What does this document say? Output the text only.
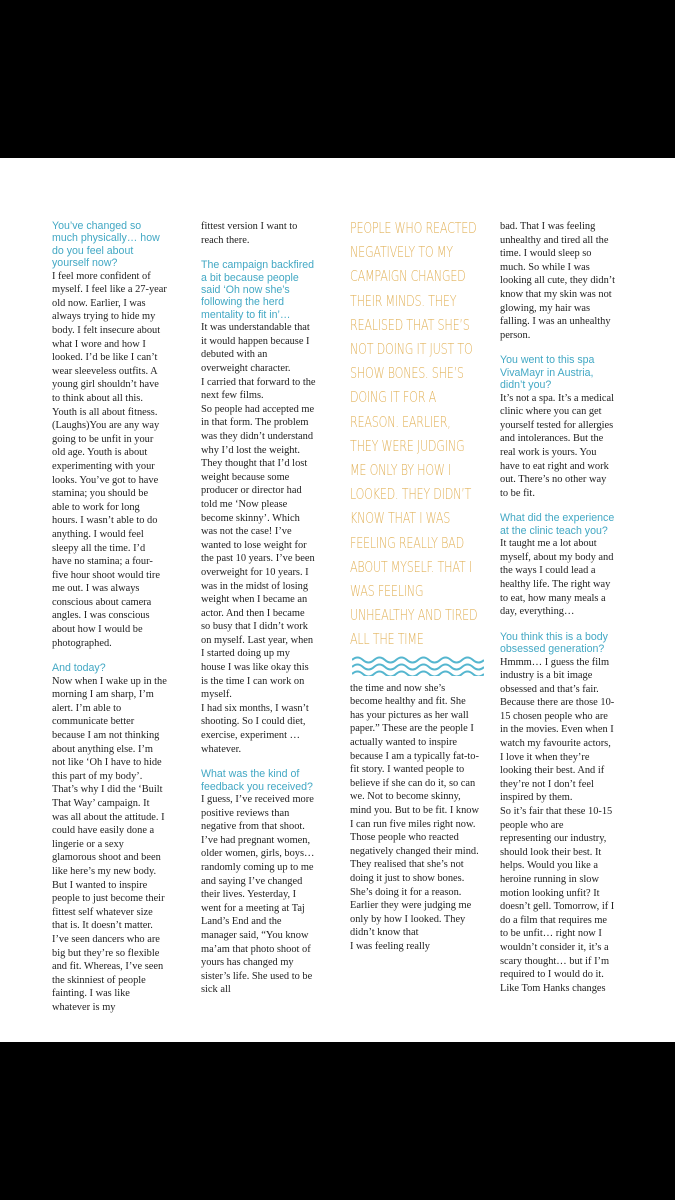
You’ve changed so much physically… how do you feel about yourself now?

I feel more confident of myself. I feel like a 27-year old now. Earlier, I was always trying to hide my body. I felt insecure about what I wore and how I looked. I’d be like I can’t wear sleeveless outfits. A young girl shouldn’t have to think about all this. Youth is all about fitness. (Laughs)You are any way going to be unfit in your old age. Youth is about experimenting with your looks. You’ve got to have stamina; you should be able to work for long hours. I wasn’t able to do anything. I would feel sleepy all the time. I’d have no stamina; a four-five hour shoot would tire me out. I was always conscious about camera angles. I was conscious about how I would be photographed.

And today?

Now when I wake up in the morning I am sharp, I’m alert. I’m able to communicate better because I am not thinking about anything else. I’m not like ‘Oh I have to hide this part of my body’. That’s why I did the ‘Built That Way’ campaign. It was all about the attitude. I could have easily done a lingerie or a sexy glamorous shoot and been like here’s my new body. But I wanted to inspire people to just become their fittest self whatever size that is. It doesn’t matter. I’ve seen dancers who are big but they’re so flexible and fit. Whereas, I’ve seen the skinniest of people fainting. I was like whatever is my

fittest version I want to reach there.

The campaign backfired a bit because people said ‘Oh now she’s following the herd mentality to fit in’…

It was understandable that it would happen because I debuted with an overweight character.
I carried that forward to the next few films.
So people had accepted me in that form. The problem was they didn’t understand why I’d lost the weight. They thought that I’d lost weight because some producer or director had told me ‘Now please become skinny’. Which was not the case! I’ve wanted to lose weight for the past 10 years. I’ve been overweight for 10 years. I was in the midst of losing weight when I became an actor. And then I became so busy that I didn’t work on myself. Last year, when I started doing up my house I was like okay this is the time I can work on myself.
I had six months, I wasn’t shooting. So I could diet, exercise, experiment … whatever.

What was the kind of feedback you received?

I guess, I’ve received more positive reviews than negative from that shoot. I’ve had pregnant women, older women, girls, boys… randomly coming up to me and saying I’ve changed their lives. Yesterday, I went for a meeting at Taj Land’s End and the manager said, “You know ma’am that photo shoot of yours has changed my sister’s life. She used to be sick all

PEOPLE WHO REACTED NEGATIVELY TO MY CAMPAIGN CHANGED THEIR MINDS. THEY REALISED THAT SHE’S NOT DOING IT JUST TO SHOW BONES. SHE’S DOING IT FOR A REASON. EARLIER, THEY WERE JUDGING ME ONLY BY HOW I LOOKED. THEY DIDN’T KNOW THAT I WAS FEELING REALLY BAD ABOUT MYSELF. THAT I WAS FEELING UNHEALTHY AND TIRED ALL THE TIME

the time and now she’s become healthy and fit. She has your pictures as her wall paper.” These are the people I actually wanted to inspire because I am a typically fat-to-fit story. I wanted people to believe if she can do it, so can we. Not to become skinny, mind you. But to be fit. I know I can run five miles right now. Those people who reacted negatively changed their mind. They realised that she’s not doing it just to show bones. She’s doing it for a reason. Earlier they were judging me only by how I looked. They didn’t know that
I was feeling really

bad. That I was feeling unhealthy and tired all the time. I would sleep so much. So while I was looking all cute, they didn’t know that my skin was not glowing, my hair was falling. I was an unhealthy person.

You went to this spa VivaMayr in Austria, didn’t you?

It’s not a spa. It’s a medical clinic where you can get yourself tested for allergies and intolerances. But the real work is yours. You have to eat right and work out. There’s no other way to be fit.

What did the experience at the clinic teach you?

It taught me a lot about myself, about my body and the ways I could lead a healthy life. The right way to eat, how many meals a day, everything…

You think this is a body obsessed generation?

Hmmm… I guess the film industry is a bit image obsessed and that’s fair. Because there are those 10-15 chosen people who are in the movies. Even when I watch my favourite actors, I love it when they’re looking their best. And if they’re not I don’t feel inspired by them.
So it’s fair that these 10-15 people who are representing our industry, should look their best. It helps. Would you like a heroine running in slow motion looking unfit? It doesn’t gell. Tomorrow, if I do a film that requires me to be unfit… right now I wouldn’t consider it, it’s a scary thought… but if I’m required to I would do it. Like Tom Hanks changes
